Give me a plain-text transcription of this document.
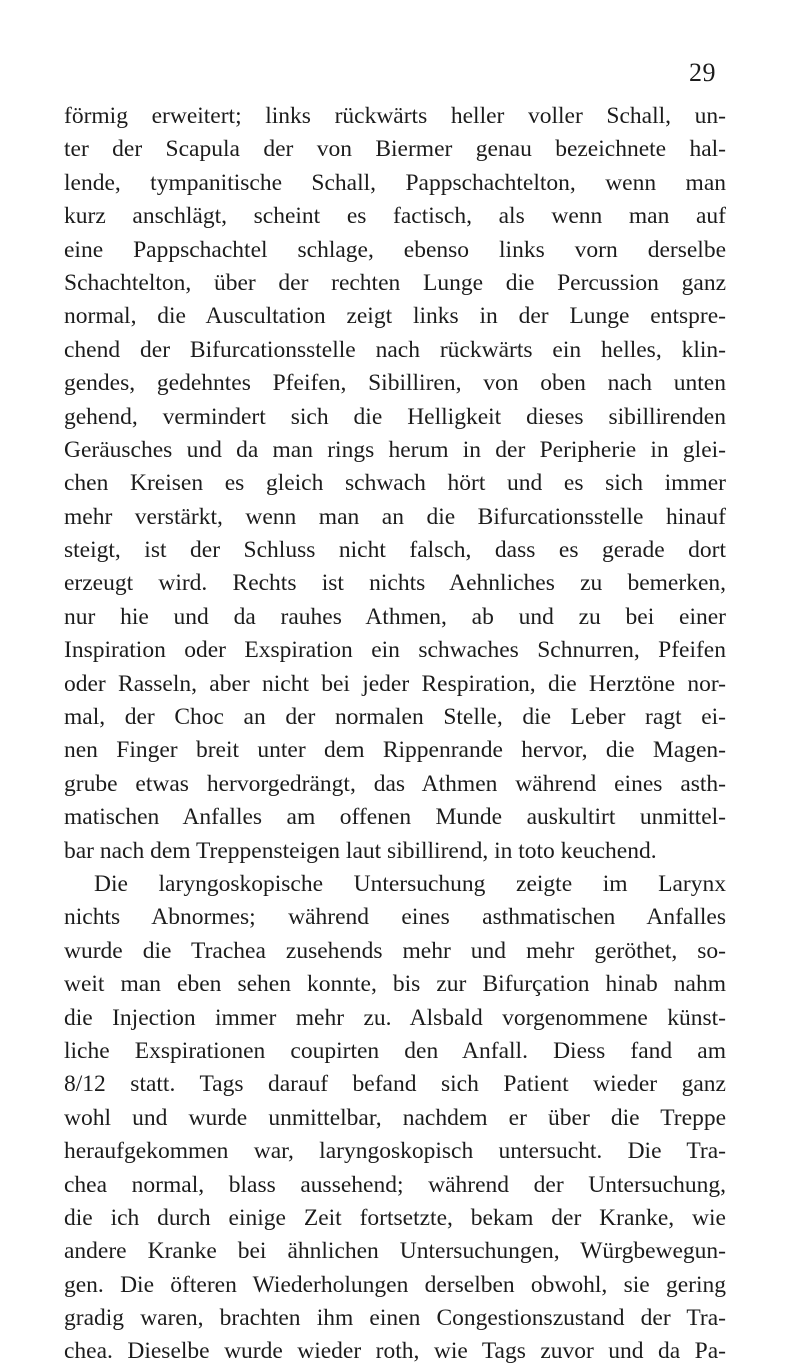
29
förmig erweitert; links rückwärts heller voller Schall, un-
ter der Scapula der von Biermer genau bezeichnete hal-
lende, tympanitische Schall, Pappschachtelton, wenn man
kurz anschlägt, scheint es factisch, als wenn man auf
eine Pappschachtel schlage, ebenso links vorn derselbe
Schachtelton, über der rechten Lunge die Percussion ganz
normal, die Auscultation zeigt links in der Lunge entspre-
chend der Bifurcationsstelle nach rückwärts ein helles, klin-
gendes, gedehntes Pfeifen, Sibilliren, von oben nach unten
gehend, vermindert sich die Helligkeit dieses sibillirenden
Geräusches und da man rings herum in der Peripherie in glei-
chen Kreisen es gleich schwach hört und es sich immer
mehr verstärkt, wenn man an die Bifurcationsstelle hinauf
steigt, ist der Schluss nicht falsch, dass es gerade dort
erzeugt wird. Rechts ist nichts Aehnliches zu bemerken,
nur hie und da rauhes Athmen, ab und zu bei einer
Inspiration oder Exspiration ein schwaches Schnurren, Pfeifen
oder Rasseln, aber nicht bei jeder Respiration, die Herztöne nor-
mal, der Choc an der normalen Stelle, die Leber ragt ei-
nen Finger breit unter dem Rippenrande hervor, die Magen-
grube etwas hervorgedrängt, das Athmen während eines asth-
matischen Anfalles am offenen Munde auskultirt unmittel-
bar nach dem Treppensteigen laut sibillirend, in toto keuchend.
Die laryngoskopische Untersuchung zeigte im Larynx
nichts Abnormes; während eines asthmatischen Anfalles
wurde die Trachea zusehends mehr und mehr geröthet, so-
weit man eben sehen konnte, bis zur Bifurçation hinab nahm
die Injection immer mehr zu. Alsbald vorgenommene künst-
liche Exspirationen coupirten den Anfall. Diess fand am
8/12 statt. Tags darauf befand sich Patient wieder ganz
wohl und wurde unmittelbar, nachdem er über die Treppe
heraufgekommen war, laryngoskopisch untersucht. Die Tra-
chea normal, blass aussehend; während der Untersuchung,
die ich durch einige Zeit fortsetzte, bekam der Kranke, wie
andere Kranke bei ähnlichen Untersuchungen, Würgbewegun-
gen. Die öfteren Wiederholungen derselben obwohl, sie gering
gradig waren, brachten ihm einen Congestionszustand der Tra-
chea. Dieselbe wurde wieder roth, wie Tags zuvor und da Pa-
